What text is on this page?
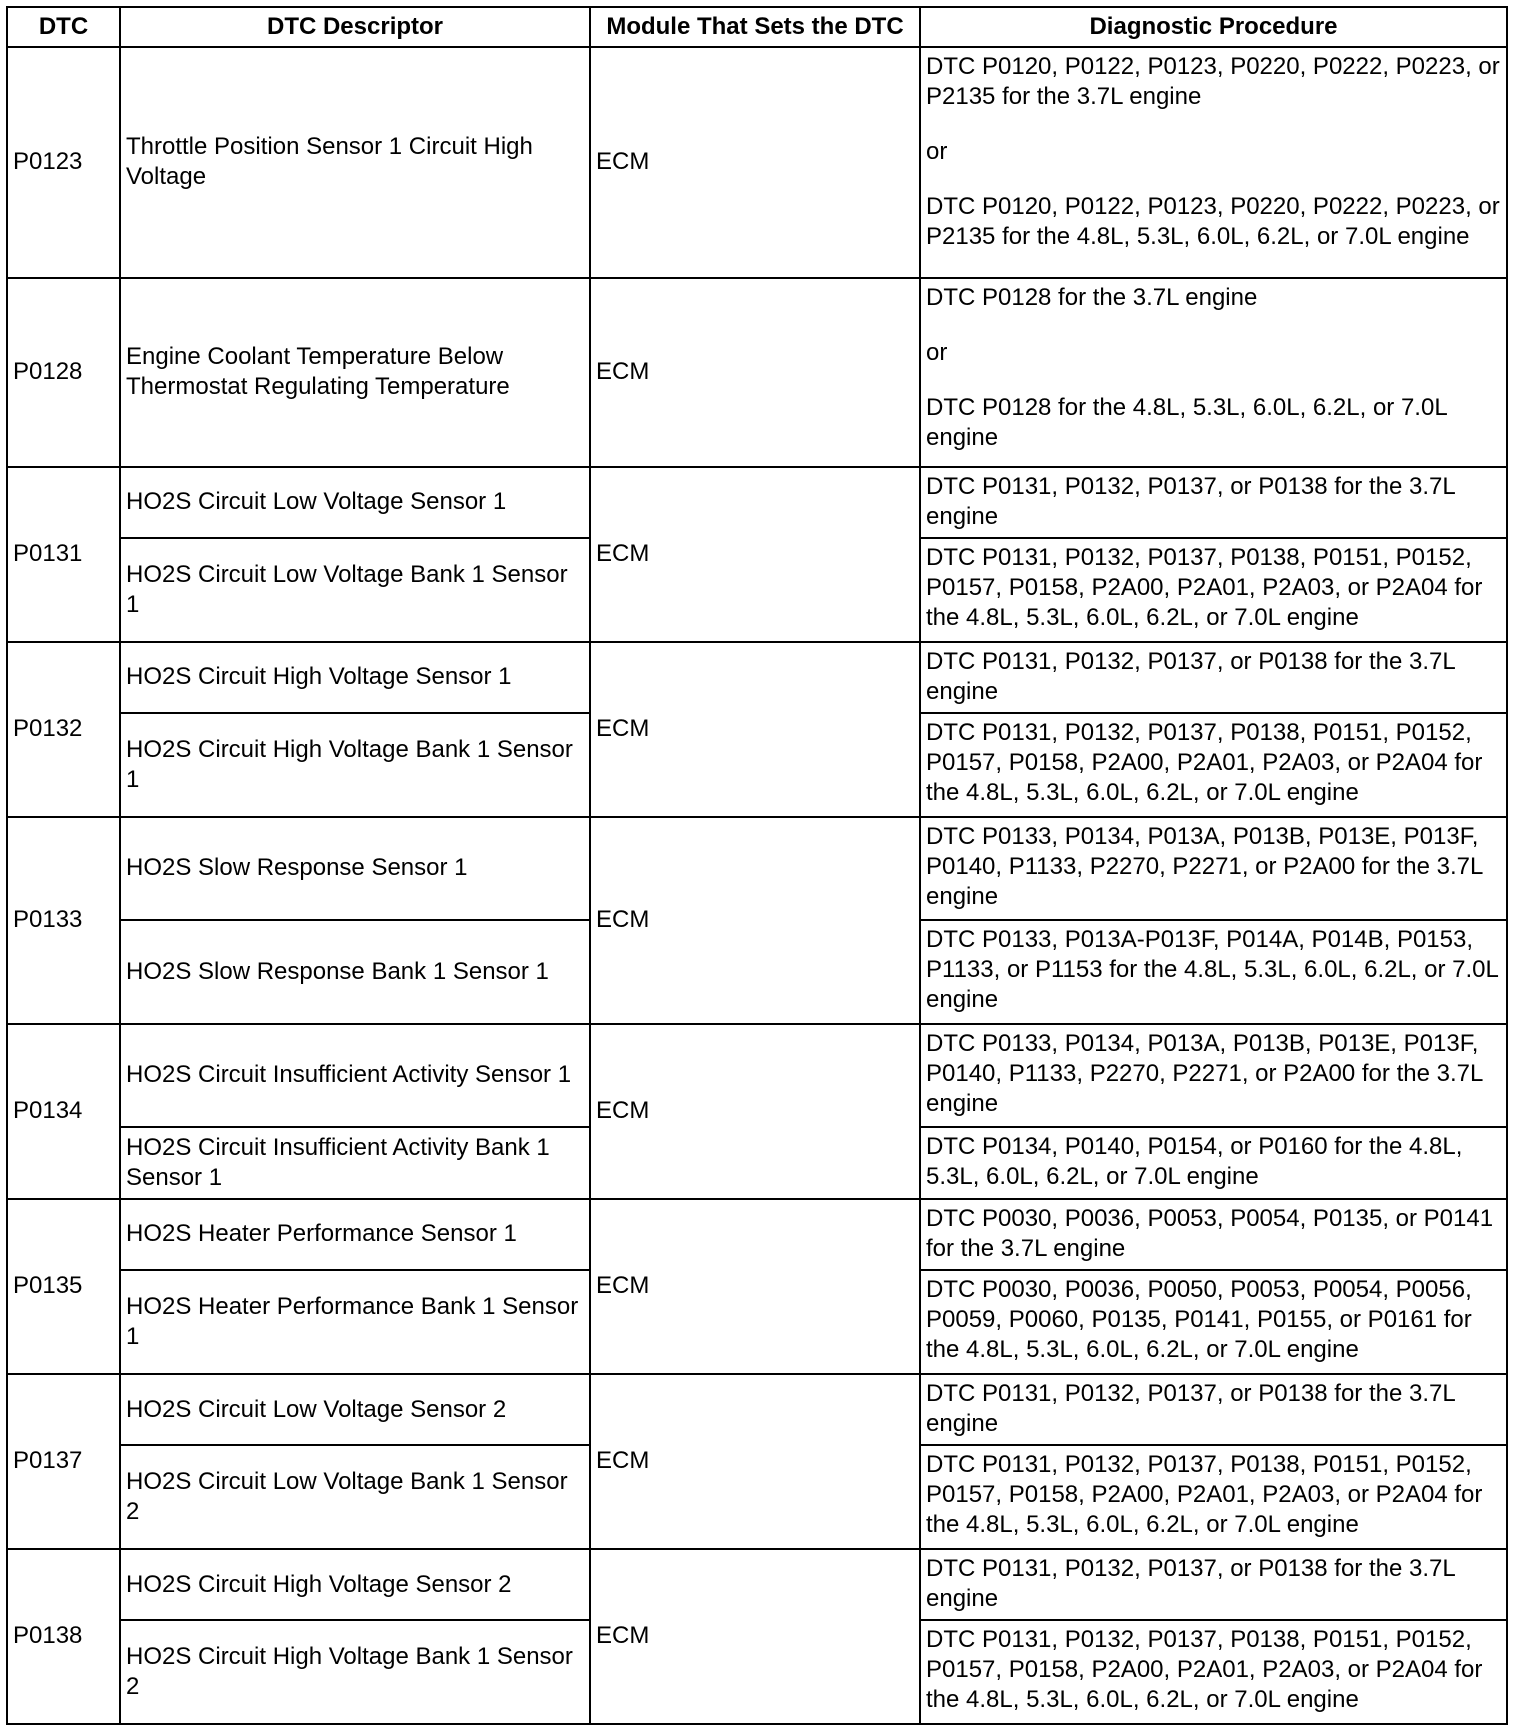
DTC	DTC Descriptor	Module That Sets the DTC	Diagnostic Procedure
P0123	Throttle Position Sensor 1 Circuit High Voltage	ECM	DTC P0120, P0122, P0123, P0220, P0222, P0223, or P2135 for the 3.7L engine
or
DTC P0120, P0122, P0123, P0220, P0222, P0223, or P2135 for the 4.8L, 5.3L, 6.0L, 6.2L, or 7.0L engine

P0128	Engine Coolant Temperature Below Thermostat Regulating Temperature	ECM	DTC P0128 for the 3.7L engine
or
DTC P0128 for the 4.8L, 5.3L, 6.0L, 6.2L, or 7.0L engine

P0131	HO2S Circuit Low Voltage Sensor 1	ECM	DTC P0131, P0132, P0137, or P0138 for the 3.7L engine

	HO2S Circuit Low Voltage Bank 1 Sensor 1		DTC P0131, P0132, P0137, P0138, P0151, P0152, P0157, P0158, P2A00, P2A01, P2A03, or P2A04 for the 4.8L, 5.3L, 6.0L, 6.2L, or 7.0L engine

P0132	HO2S Circuit High Voltage Sensor 1	ECM	DTC P0131, P0132, P0137, or P0138 for the 3.7L engine

	HO2S Circuit High Voltage Bank 1 Sensor 1		DTC P0131, P0132, P0137, P0138, P0151, P0152, P0157, P0158, P2A00, P2A01, P2A03, or P2A04 for the 4.8L, 5.3L, 6.0L, 6.2L, or 7.0L engine

P0133	HO2S Slow Response Sensor 1	ECM	DTC P0133, P0134, P013A, P013B, P013E, P013F, P0140, P1133, P2270, P2271, or P2A00 for the 3.7L engine

	HO2S Slow Response Bank 1 Sensor 1		DTC P0133, P013A-P013F, P014A, P014B, P0153, P1133, or P1153 for the 4.8L, 5.3L, 6.0L, 6.2L, or 7.0L engine

P0134	HO2S Circuit Insufficient Activity Sensor 1	ECM	DTC P0133, P0134, P013A, P013B, P013E, P013F, P0140, P1133, P2270, P2271, or P2A00 for the 3.7L engine

	HO2S Circuit Insufficient Activity Bank 1 Sensor 1		DTC P0134, P0140, P0154, or P0160 for the 4.8L, 5.3L, 6.0L, 6.2L, or 7.0L engine

P0135	HO2S Heater Performance Sensor 1	ECM	DTC P0030, P0036, P0053, P0054, P0135, or P0141 for the 3.7L engine

	HO2S Heater Performance Bank 1 Sensor 1		DTC P0030, P0036, P0050, P0053, P0054, P0056, P0059, P0060, P0135, P0141, P0155, or P0161 for the 4.8L, 5.3L, 6.0L, 6.2L, or 7.0L engine

P0137	HO2S Circuit Low Voltage Sensor 2	ECM	DTC P0131, P0132, P0137, or P0138 for the 3.7L engine

	HO2S Circuit Low Voltage Bank 1 Sensor 2		DTC P0131, P0132, P0137, P0138, P0151, P0152, P0157, P0158, P2A00, P2A01, P2A03, or P2A04 for the 4.8L, 5.3L, 6.0L, 6.2L, or 7.0L engine

P0138	HO2S Circuit High Voltage Sensor 2	ECM	DTC P0131, P0132, P0137, or P0138 for the 3.7L engine

	HO2S Circuit High Voltage Bank 1 Sensor 2		DTC P0131, P0132, P0137, P0138, P0151, P0152, P0157, P0158, P2A00, P2A01, P2A03, or P2A04 for the 4.8L, 5.3L, 6.0L, 6.2L, or 7.0L engine
